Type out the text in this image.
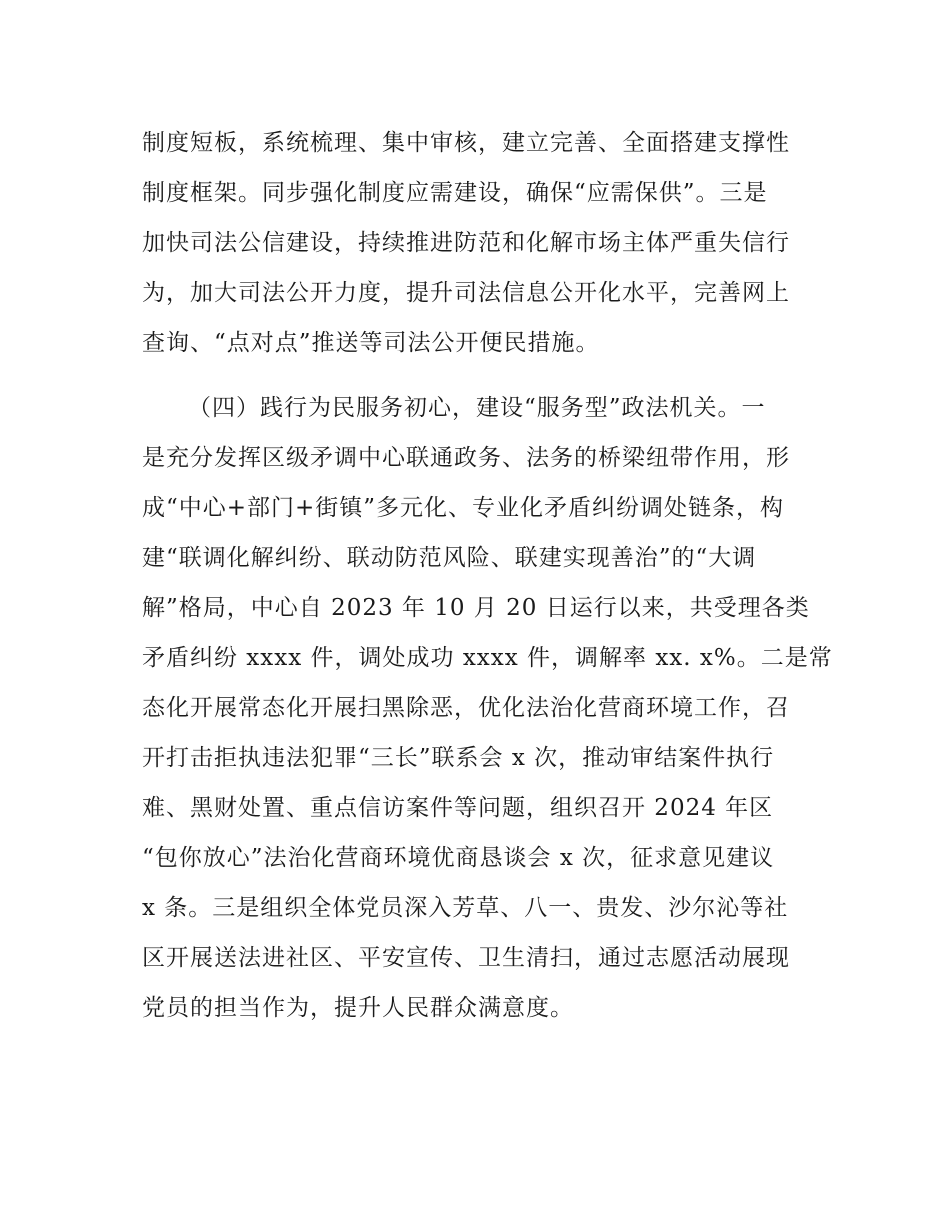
制度短板，系统梳理、集中审核，建立完善、全面搭建支撑性
制度框架。同步强化制度应需建设，确保“应需保供”。三是
加快司法公信建设，持续推进防范和化解市场主体严重失信行
为，加大司法公开力度，提升司法信息公开化水平，完善网上
查询、“点对点”推送等司法公开便民措施。
（四）践行为民服务初心，建设“服务型”政法机关。一
是充分发挥区级矛调中心联通政务、法务的桥梁纽带作用，形
成“中心+部门+街镇”多元化、专业化矛盾纠纷调处链条，构
建“联调化解纠纷、联动防范风险、联建实现善治”的“大调
解”格局，中心自 2023 年 10 月 20 日运行以来，共受理各类
矛盾纠纷 xxxx 件，调处成功 xxxx 件，调解率 xx. x%。二是常
态化开展常态化开展扫黑除恶，优化法治化营商环境工作，召
开打击拒执违法犯罪“三长”联系会 x 次，推动审结案件执行
难、黑财处置、重点信访案件等问题，组织召开 2024 年区
“包你放心”法治化营商环境优商恳谈会 x 次，征求意见建议
x 条。三是组织全体党员深入芳草、八一、贵发、沙尔沁等社
区开展送法进社区、平安宣传、卫生清扫，通过志愿活动展现
党员的担当作为，提升人民群众满意度。
